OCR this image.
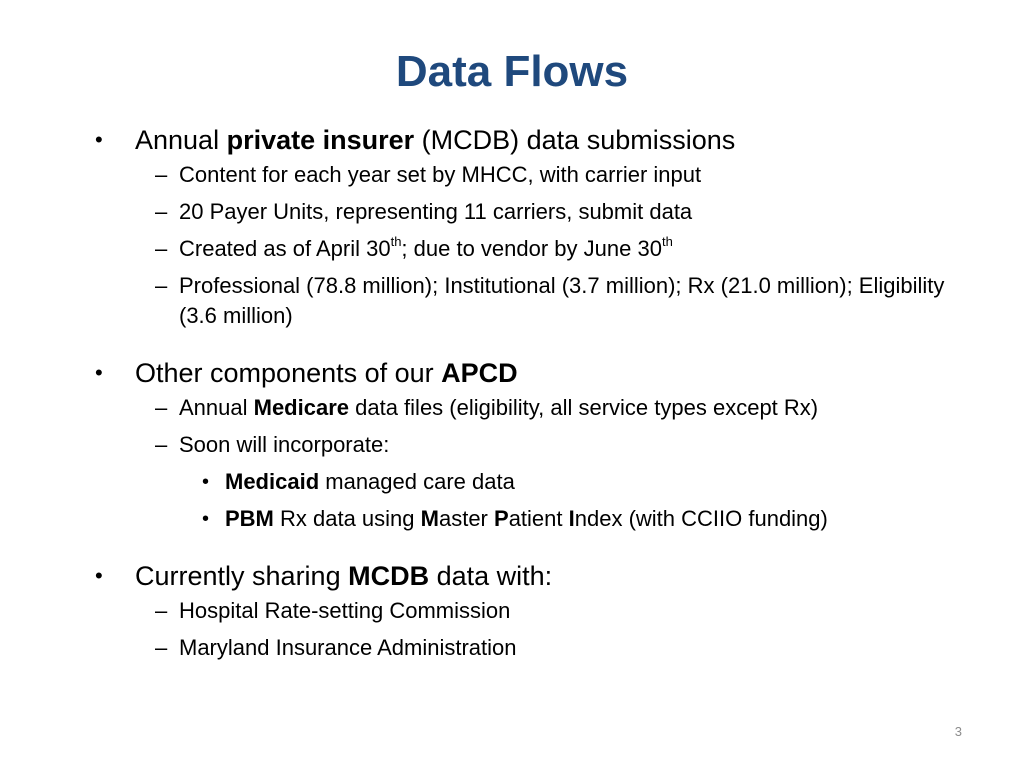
Data Flows
• Annual private insurer (MCDB) data submissions
– Content for each year set by MHCC, with carrier input
– 20 Payer Units, representing 11 carriers, submit data
– Created as of April 30th; due to vendor by June 30th
– Professional (78.8 million); Institutional (3.7 million); Rx (21.0 million); Eligibility (3.6 million)
• Other components of our APCD
– Annual Medicare data files (eligibility, all service types except Rx)
– Soon will incorporate:
• Medicaid managed care data
• PBM Rx data using Master Patient Index (with CCIIO funding)
• Currently sharing MCDB data with:
– Hospital Rate-setting Commission
– Maryland Insurance Administration
3
